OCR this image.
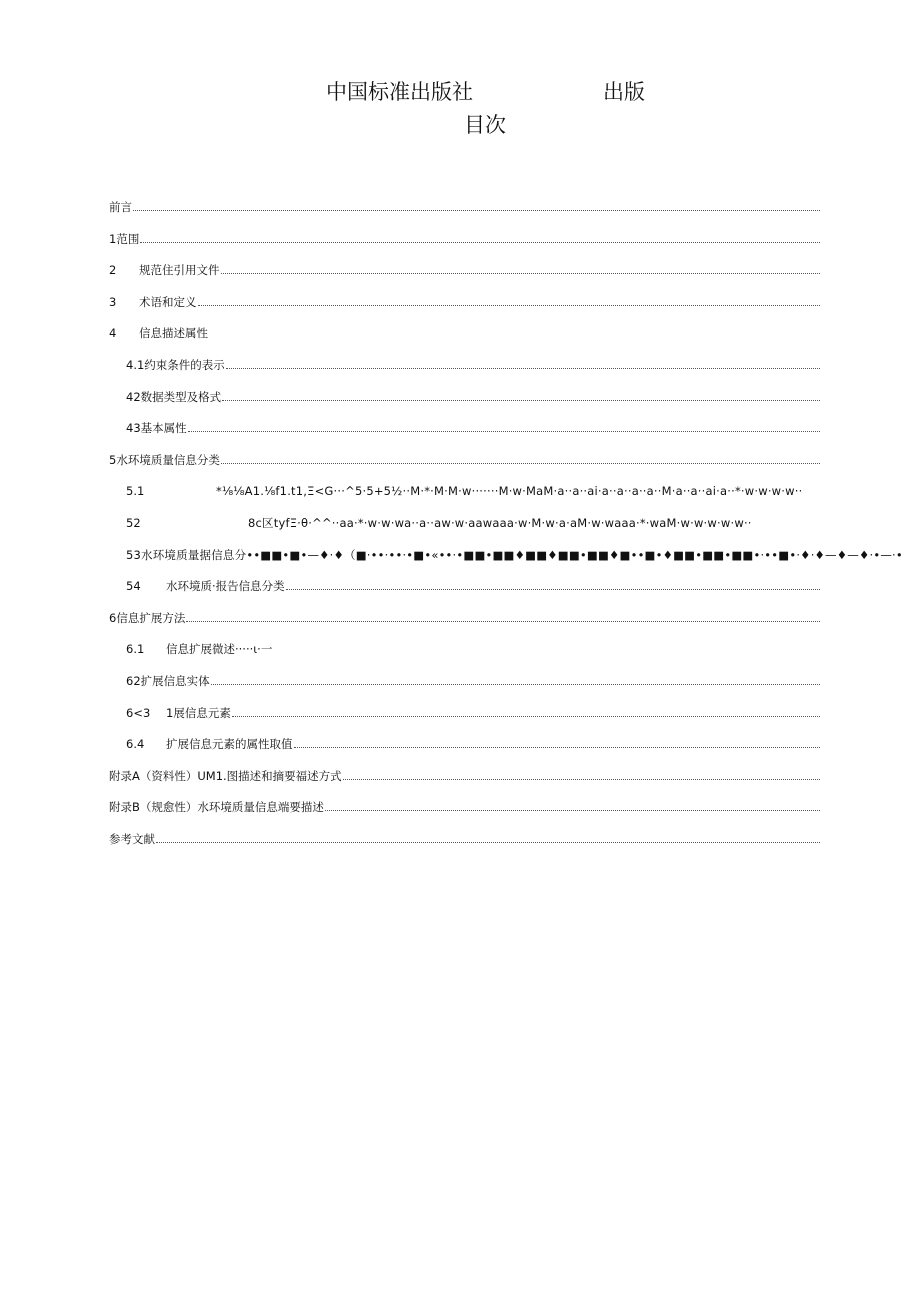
中国标准出版社	出版
目次
前言
1范围
2	规范住引用文件
3	术语和定义
4	信息描述属性
4.1约束条件的表示
42数据类型及格式
43基本属性
5水环境质量信息分类
5.1	*⅛⅛A1.⅛f1.t1,Ξ<G···^5·5+5½··M·*·M·M·w·······M·w·MaM·a··a··ai·a··a··a··a··M·a··a··ai·a··*·w·w·w·w··
52	8c区tyfΞ·θ·^^··aa·*·w·w·wa··a··aw·w·aawaaa·w·M·w·a·aM·w·waaa·*·waM·w·w·w·w·w··
53水环境质量据信息分••■■•■•—♦·♦（■·••·••·•■•«••·•■■•■■♦■■♦■■•■■♦■••■•♦■■•■■•■■•·••■•·♦·♦—♦—♦·•—·•
54	水环境质·报告信息分类
6信息扩展方法
6.1	信息扩展微述·····ι·一
62扩展信息实体
6<3	1展信息元素
6.4	扩展信息元素的属性取值
附录A（资料性）UM1.图描述和摘要福述方式
附录B（规愈性）水环境质量信息端要描述
参考文献
